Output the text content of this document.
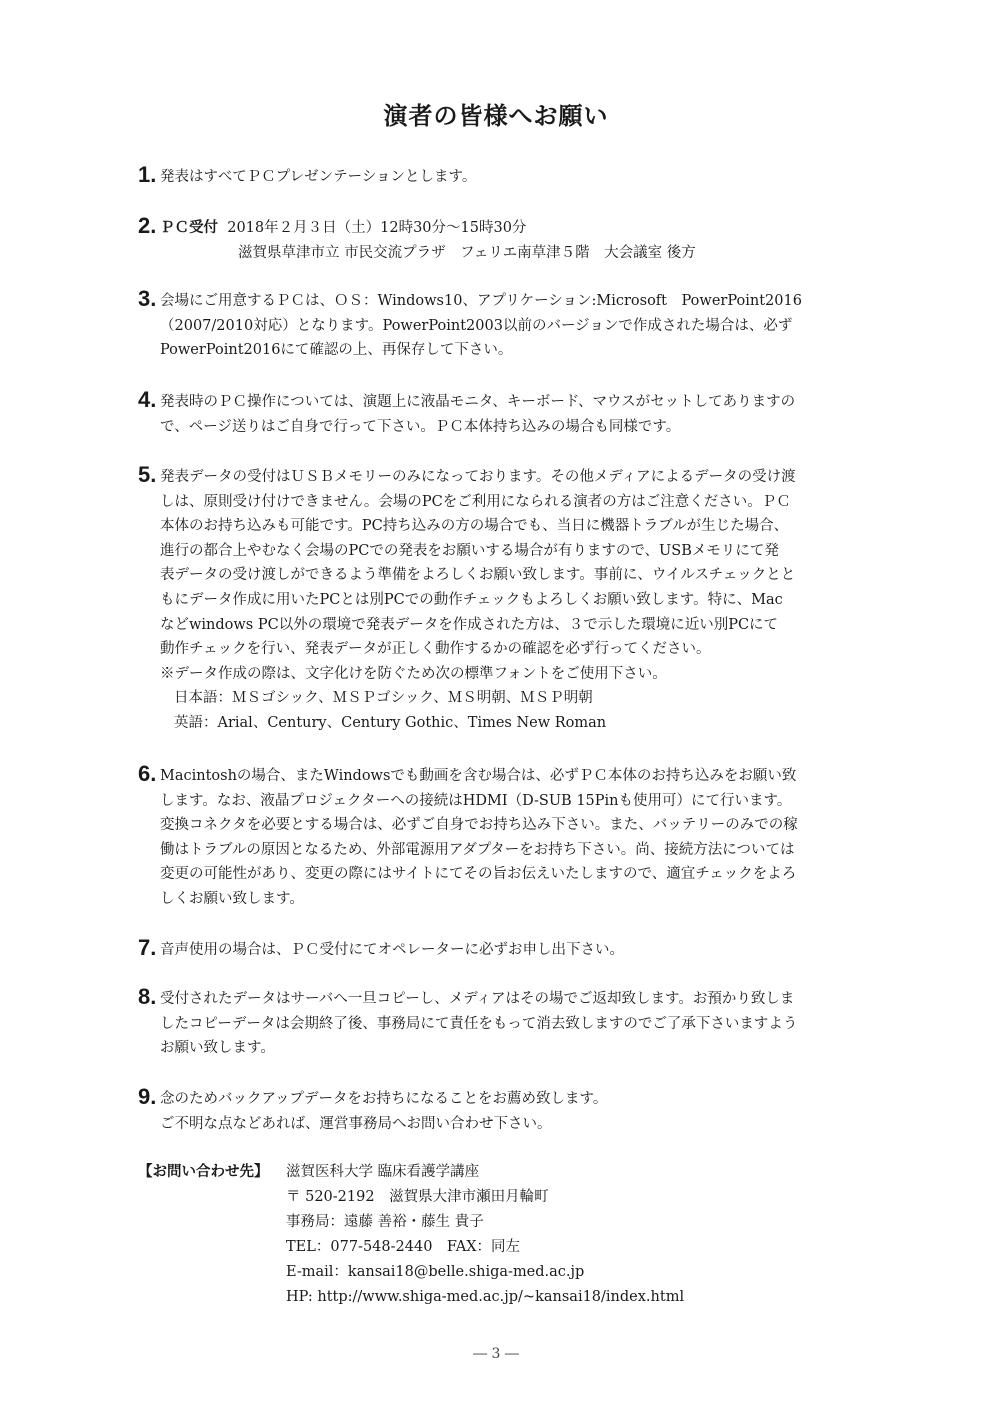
演者の皆様へお願い
1. 発表はすべてＰＣプレゼンテーションとします。
2. ＰＣ受付 2018年２月３日（土）12時30分～15時30分
滋賀県草津市立 市民交流プラザ　フェリエ南草津５階　大会議室 後方
3. 会場にご用意するＰＣは、ＯＳ：Windows10、アプリケーション:Microsoft　PowerPoint2016
（2007/2010対応）となります。PowerPoint2003以前のバージョンで作成された場合は、必ず
PowerPoint2016にて確認の上、再保存して下さい。
4. 発表時のＰＣ操作については、演題上に液晶モニタ、キーボード、マウスがセットしてありますの
で、ページ送りはご自身で行って下さい。ＰＣ本体持ち込みの場合も同様です。
5. 発表データの受付はＵＳＢメモリーのみになっております。その他メディアによるデータの受け渡
しは、原則受け付けできません。会場のPCをご利用になられる演者の方はご注意ください。ＰＣ
本体のお持ち込みも可能です。PC持ち込みの方の場合でも、当日に機器トラブルが生じた場合、
進行の都合上やむなく会場のPCでの発表をお願いする場合が有りますので、USBメモリにて発
表データの受け渡しができるよう準備をよろしくお願い致します。事前に、ウイルスチェックとと
もにデータ作成に用いたPCとは別PCでの動作チェックもよろしくお願い致します。特に、Mac
などwindows PC以外の環境で発表データを作成された方は、３で示した環境に近い別PCにて
動作チェックを行い、発表データが正しく動作するかの確認を必ず行ってください。
※データ作成の際は、文字化けを防ぐため次の標準フォントをご使用下さい。
日本語：ＭＳゴシック、ＭＳＰゴシック、ＭＳ明朝、ＭＳＰ明朝
英語：Arial、Century、Century Gothic、Times New Roman
6. Macintoshの場合、またWindowsでも動画を含む場合は、必ずＰＣ本体のお持ち込みをお願い致
します。なお、液晶プロジェクターへの接続はHDMI（D-SUB 15Pinも使用可）にて行います。
変換コネクタを必要とする場合は、必ずご自身でお持ち込み下さい。また、バッテリーのみでの稼
働はトラブルの原因となるため、外部電源用アダプターをお持ち下さい。尚、接続方法については
変更の可能性があり、変更の際にはサイトにてその旨お伝えいたしますので、適宜チェックをよろ
しくお願い致します。
7. 音声使用の場合は、ＰＣ受付にてオペレーターに必ずお申し出下さい。
8. 受付されたデータはサーバへ一旦コピーし、メディアはその場でご返却致します。お預かり致しま
したコピーデータは会期終了後、事務局にて責任をもって消去致しますのでご了承下さいますよう
お願い致します。
9. 念のためバックアップデータをお持ちになることをお薦め致します。
ご不明な点などあれば、運営事務局へお問い合わせ下さい。
【お問い合わせ先】 滋賀医科大学 臨床看護学講座
〒 520-2192　滋賀県大津市瀬田月輪町
事務局：遠藤 善裕・藤生 貴子
TEL：077-548-2440　FAX：同左
E-mail：kansai18@belle.shiga-med.ac.jp
HP: http://www.shiga-med.ac.jp/~kansai18/index.html
― 3 ―
